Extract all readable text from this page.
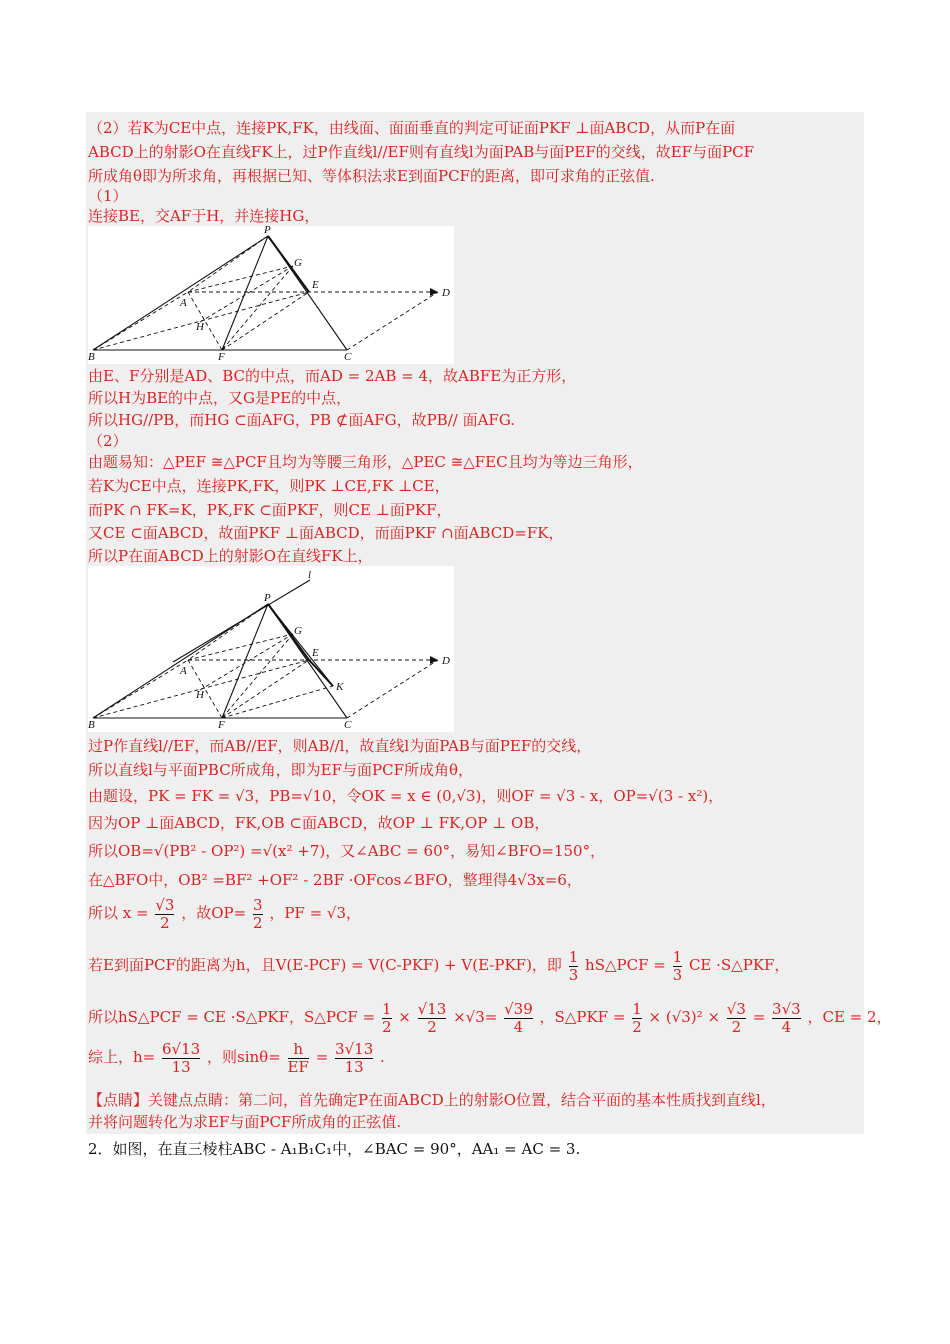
（2）若K为CE中点，连接PK,FK，由线面、面面垂直的判定可证面PKF ⊥面ABCD，从而P在面
ABCD上的射影O在直线FK上，过P作直线l//EF则有直线l为面PAB与面PEF的交线，故EF与面PCF
所成角θ即为所求角，再根据已知、等体积法求E到面PCF的距离，即可求角的正弦值.
（1）
连接BE，交AF于H，并连接HG，
P
G
E
D
A
H
B	F	C
由E、F分别是AD、BC的中点，而AD = 2AB = 4，故ABFE为正方形，
所以H为BE的中点，又G是PE的中点，
所以HG//PB，而HG ⊂面AFG，PB ⊄面AFG，故PB// 面AFG.
（2）
由题易知：△PEF ≅△PCF且均为等腰三角形，△PEC ≅△FEC且均为等边三角形，
若K为CE中点，连接PK,FK，则PK ⊥CE,FK ⊥CE，
而PK ∩ FK=K，PK,FK ⊂面PKF，则CE ⊥面PKF，
又CE ⊂面ABCD，故面PKF ⊥面ABCD，而面PKF ∩面ABCD=FK，
所以P在面ABCD上的射影O在直线FK上，
l
P
G
E
D
A
H
K
B	F	C
过P作直线l//EF，而AB//EF，则AB//l，故直线l为面PAB与面PEF的交线，
所以直线l与平面PBC所成角，即为EF与面PCF所成角θ，
由题设，PK = FK = √3，PB=√10，令OK = x ∈ (0,√3)，则OF = √3 - x，OP=√(3 - x²)，
因为OP ⊥面ABCD，FK,OB ⊂面ABCD，故OP ⊥ FK,OP ⊥ OB，
所以OB=√(PB² - OP²) =√(x² +7)，又∠ABC = 60°，易知∠BFO=150°，
在△BFO中，OB² =BF² +OF² - 2BF ·OFcos∠BFO，整理得4√3x=6，
所以 $x = \frac{√3}{2}$ ，故$OP= \frac{3}{2}$ ，PF = √3，
若E到面PCF的距离为h，且V(E-PCF) = V(C-PKF) + V(E-PKF)，即 $\frac{1}{3}$ hS△PCF = $\frac{1}{3}$ CE ·S△PKF，
所以hS△PCF = CE ·S△PKF，S△PCF = $\frac{1}{2} \times \frac{√13}{2} \times√3= \frac{√39}{4}$ ，S△PKF = $\frac{1}{2} \times (√3)^2 \times \frac{√3}{2} = \frac{3√3}{4}$ ，CE = 2，
综上，$h= \frac{6√13}{13}$ ，则$\sin\theta= \frac{h}{EF} = \frac{3√13}{13}$ .
【点睛】关键点点睛：第二问，首先确定P在面ABCD上的射影O位置，结合平面的基本性质找到直线l，
并将问题转化为求EF与面PCF所成角的正弦值.
2．如图，在直三棱柱ABC - A₁B₁C₁中，∠BAC = 90°，AA₁ = AC = 3.
